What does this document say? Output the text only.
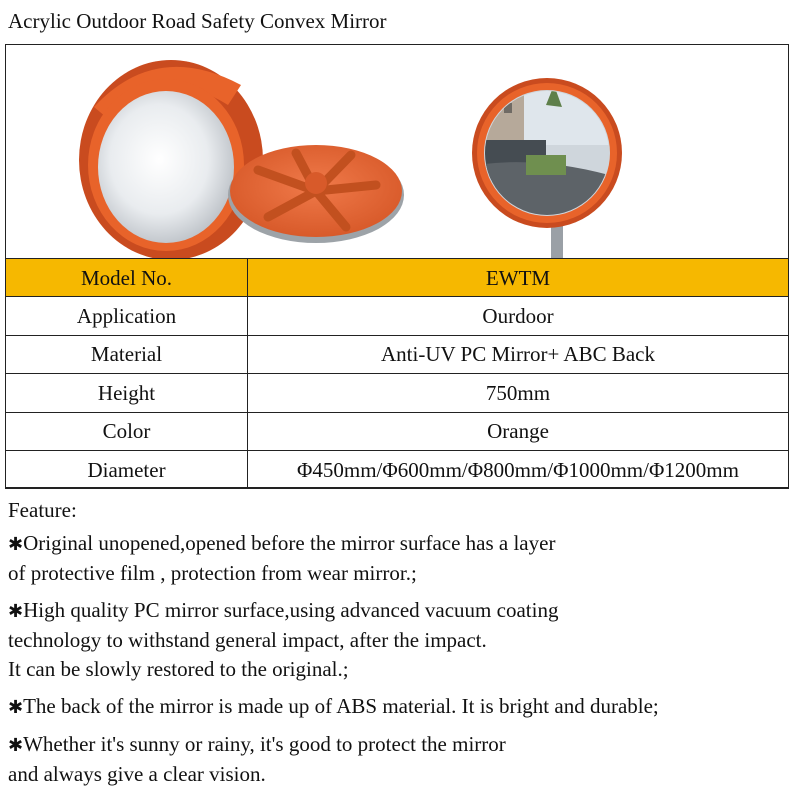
Acrylic Outdoor Road Safety Convex Mirror
Model No.	EWTM
Application	Ourdoor
Material	Anti-UV PC Mirror+ ABC Back
Height	750mm
Color	Orange
Diameter	Φ450mm/Φ600mm/Φ800mm/Φ1000mm/Φ1200mm

Feature:

✱Original unopened,opened before the mirror surface has a layer
of protective film , protection from wear mirror.;

✱High quality PC mirror surface,using advanced vacuum coating
technology to withstand general impact, after the impact.
It can be slowly restored to the original.;

✱The back of the mirror is made up of ABS material. It is bright and durable;

✱Whether it's sunny or rainy, it's good to protect the mirror
and always give a clear vision.
